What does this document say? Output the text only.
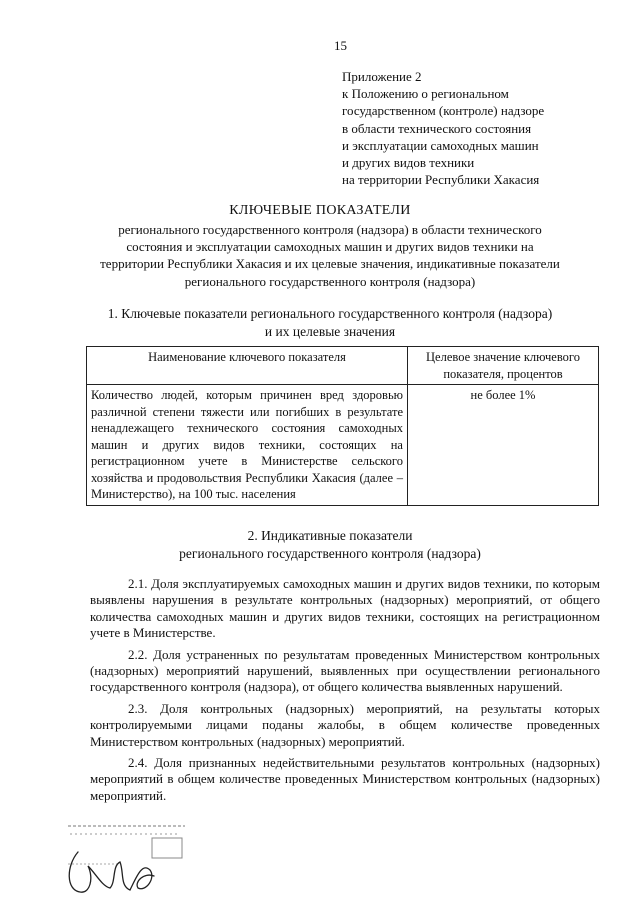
15
Приложение 2
к Положению о региональном
государственном (контроле) надзоре
в области технического состояния
и эксплуатации самоходных машин
и других видов техники
на территории Республики Хакасия
КЛЮЧЕВЫЕ ПОКАЗАТЕЛИ
регионального государственного контроля (надзора) в области технического
состояния и эксплуатации самоходных машин и других видов техники на
территории Республики Хакасия и их целевые значения, индикативные показатели
регионального государственного контроля (надзора)
1. Ключевые показатели регионального государственного контроля (надзора)
и их целевые значения
Наименование ключевого показателя	Целевое значение ключевого показателя, процентов
Количество людей, которым причинен вред здоровью различной степени тяжести или погибших в результате ненадлежащего технического состояния самоходных машин и других видов техники, состоящих на регистрационном учете в Министерстве сельского хозяйства и продовольствия Республики Хакасия (далее – Министерство), на 100 тыс. населения	не более 1%
2. Индикативные показатели
регионального государственного контроля (надзора)

2.1. Доля эксплуатируемых самоходных машин и других видов техники, по которым выявлены нарушения в результате контрольных (надзорных) мероприятий, от общего количества самоходных машин и других видов техники, состоящих на регистрационном учете в Министерстве.

2.2. Доля устраненных по результатам проведенных Министерством контрольных (надзорных) мероприятий нарушений, выявленных при осуществлении регионального государственного контроля (надзора), от общего количества выявленных нарушений.

2.3. Доля контрольных (надзорных) мероприятий, на результаты которых контролируемыми лицами поданы жалобы, в общем количестве проведенных Министерством контрольных (надзорных) мероприятий.

2.4. Доля признанных недействительными результатов контрольных (надзорных) мероприятий в общем количестве проведенных Министерством контрольных (надзорных) мероприятий.
